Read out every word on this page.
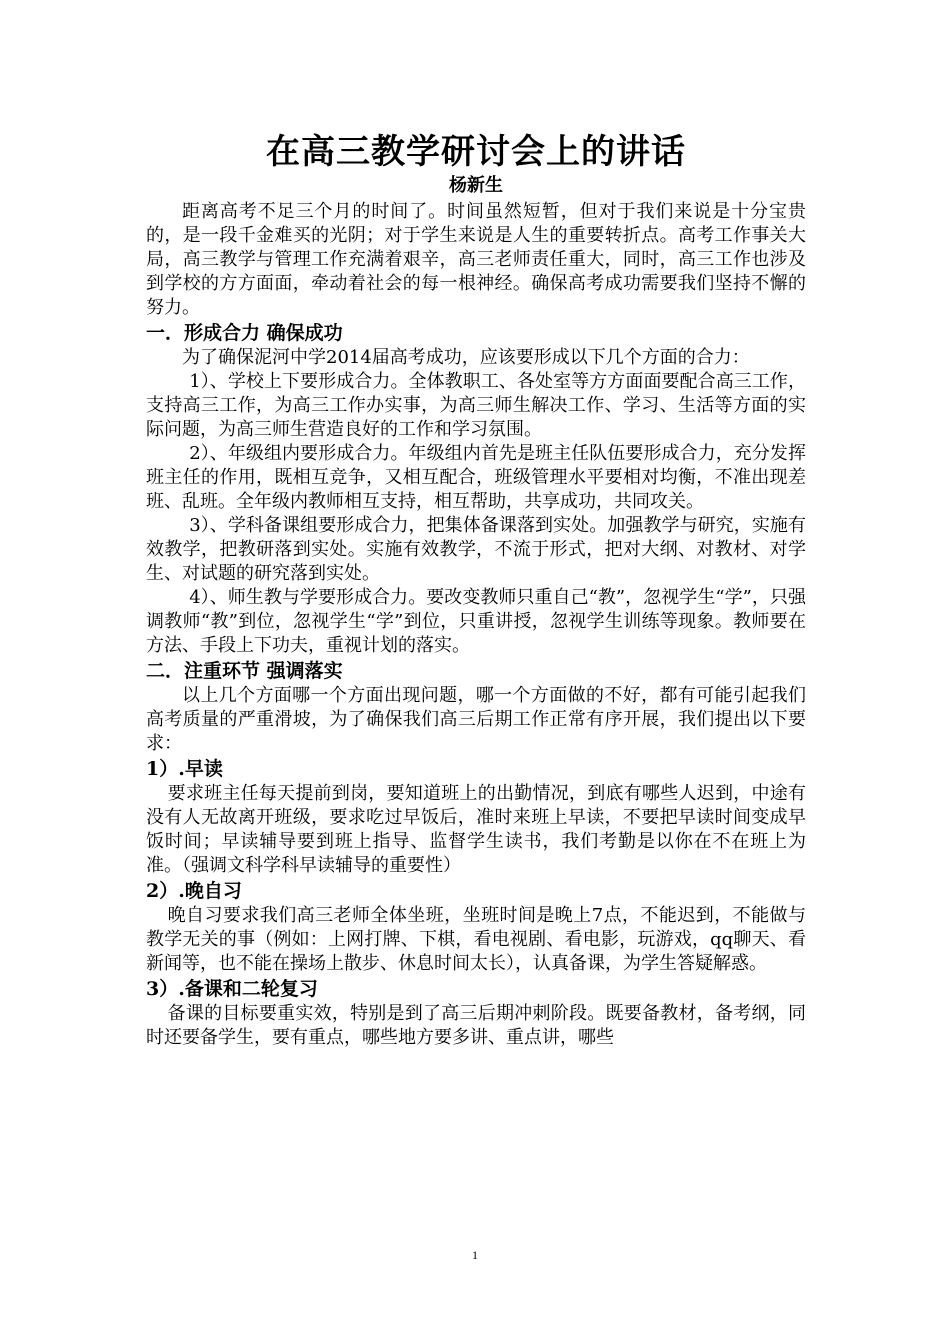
在高三教学研讨会上的讲话
杨新生

距离高考不足三个月的时间了。时间虽然短暂，但对于我们来说是十分宝贵的，是一段千金难买的光阴；对于学生来说是人生的重要转折点。高考工作事关大局，高三教学与管理工作充满着艰辛，高三老师责任重大，同时，高三工作也涉及到学校的方方面面，牵动着社会的每一根神经。确保高考成功需要我们坚持不懈的努力。

一．形成合力 确保成功

为了确保泥河中学2014届高考成功，应该要形成以下几个方面的合力：

1）、学校上下要形成合力。全体教职工、各处室等方方面面要配合高三工作，支持高三工作，为高三工作办实事，为高三师生解决工作、学习、生活等方面的实际问题，为高三师生营造良好的工作和学习氛围。

2）、年级组内要形成合力。年级组内首先是班主任队伍要形成合力，充分发挥班主任的作用，既相互竞争，又相互配合，班级管理水平要相对均衡，不准出现差班、乱班。全年级内教师相互支持，相互帮助，共享成功，共同攻关。

3）、学科备课组要形成合力，把集体备课落到实处。加强教学与研究，实施有效教学，把教研落到实处。实施有效教学，不流于形式，把对大纲、对教材、对学生、对试题的研究落到实处。

4）、师生教与学要形成合力。要改变教师只重自己“教”，忽视学生“学”，只强调教师“教”到位，忽视学生“学”到位，只重讲授，忽视学生训练等现象。教师要在方法、手段上下功夫，重视计划的落实。

二．注重环节 强调落实

以上几个方面哪一个方面出现问题，哪一个方面做的不好，都有可能引起我们高考质量的严重滑坡，为了确保我们高三后期工作正常有序开展，我们提出以下要求：

1）.早读

要求班主任每天提前到岗，要知道班上的出勤情况，到底有哪些人迟到，中途有没有人无故离开班级，要求吃过早饭后，准时来班上早读，不要把早读时间变成早饭时间；早读辅导要到班上指导、监督学生读书，我们考勤是以你在不在班上为准。（强调文科学科早读辅导的重要性）

2）.晚自习

晚自习要求我们高三老师全体坐班，坐班时间是晚上7点，不能迟到，不能做与教学无关的事（例如：上网打牌、下棋，看电视剧、看电影，玩游戏，qq聊天、看新闻等，也不能在操场上散步、休息时间太长），认真备课，为学生答疑解惑。

3）.备课和二轮复习

备课的目标要重实效，特别是到了高三后期冲刺阶段。既要备教材，备考纲，同时还要备学生，要有重点，哪些地方要多讲、重点讲，哪些

1
